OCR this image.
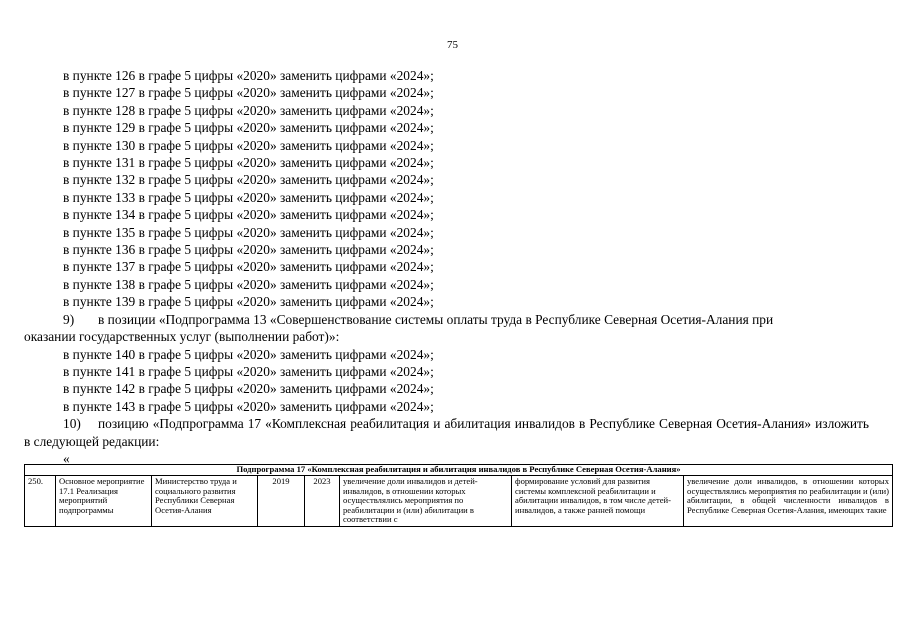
75
в пункте 126 в графе 5 цифры «2020» заменить цифрами «2024»;
в пункте 127 в графе 5 цифры «2020» заменить цифрами «2024»;
в пункте 128 в графе 5 цифры «2020» заменить цифрами «2024»;
в пункте 129 в графе 5 цифры «2020» заменить цифрами «2024»;
в пункте 130 в графе 5 цифры «2020» заменить цифрами «2024»;
в пункте 131 в графе 5 цифры «2020» заменить цифрами «2024»;
в пункте 132 в графе 5 цифры «2020» заменить цифрами «2024»;
в пункте 133 в графе 5 цифры «2020» заменить цифрами «2024»;
в пункте 134 в графе 5 цифры «2020» заменить цифрами «2024»;
в пункте 135 в графе 5 цифры «2020» заменить цифрами «2024»;
в пункте 136 в графе 5 цифры «2020» заменить цифрами «2024»;
в пункте 137 в графе 5 цифры «2020» заменить цифрами «2024»;
в пункте 138 в графе 5 цифры «2020» заменить цифрами «2024»;
в пункте 139 в графе 5 цифры «2020» заменить цифрами «2024»;
9) в позиции «Подпрограмма 13 «Совершенствование системы оплаты труда в Республике Северная Осетия-Алания при
оказании государственных услуг (выполнении работ)»:
в пункте 140 в графе 5 цифры «2020» заменить цифрами «2024»;
в пункте 141 в графе 5 цифры «2020» заменить цифрами «2024»;
в пункте 142 в графе 5 цифры «2020» заменить цифрами «2024»;
в пункте 143 в графе 5 цифры «2020» заменить цифрами «2024»;
10) позицию «Подпрограмма 17 «Комплексная реабилитация и абилитация инвалидов в Республике Северная Осетия-Алания» изложить в следующей редакции:
«
Подпрограмма 17 «Комплексная реабилитация и абилитация инвалидов в Республике Северная Осетия-Алания»
250.	Основное мероприятие 17.1 Реализация мероприятий подпрограммы	Министерство труда и социального развития Республики Северная Осетия-Алания	2019	2023	увеличение доли инвалидов и детей-инвалидов, в отношении которых осуществлялись мероприятия по реабилитации и (или) абилитации в соответствии с	формирование условий для развития системы комплексной реабилитации и абилитации инвалидов, в том числе детей-инвалидов, а также ранней помощи	увеличение доли инвалидов, в отношении которых осуществлялись мероприятия по реабилитации и (или) абилитации, в общей численности инвалидов в Республике Северная Осетия-Алания, имеющих такие
